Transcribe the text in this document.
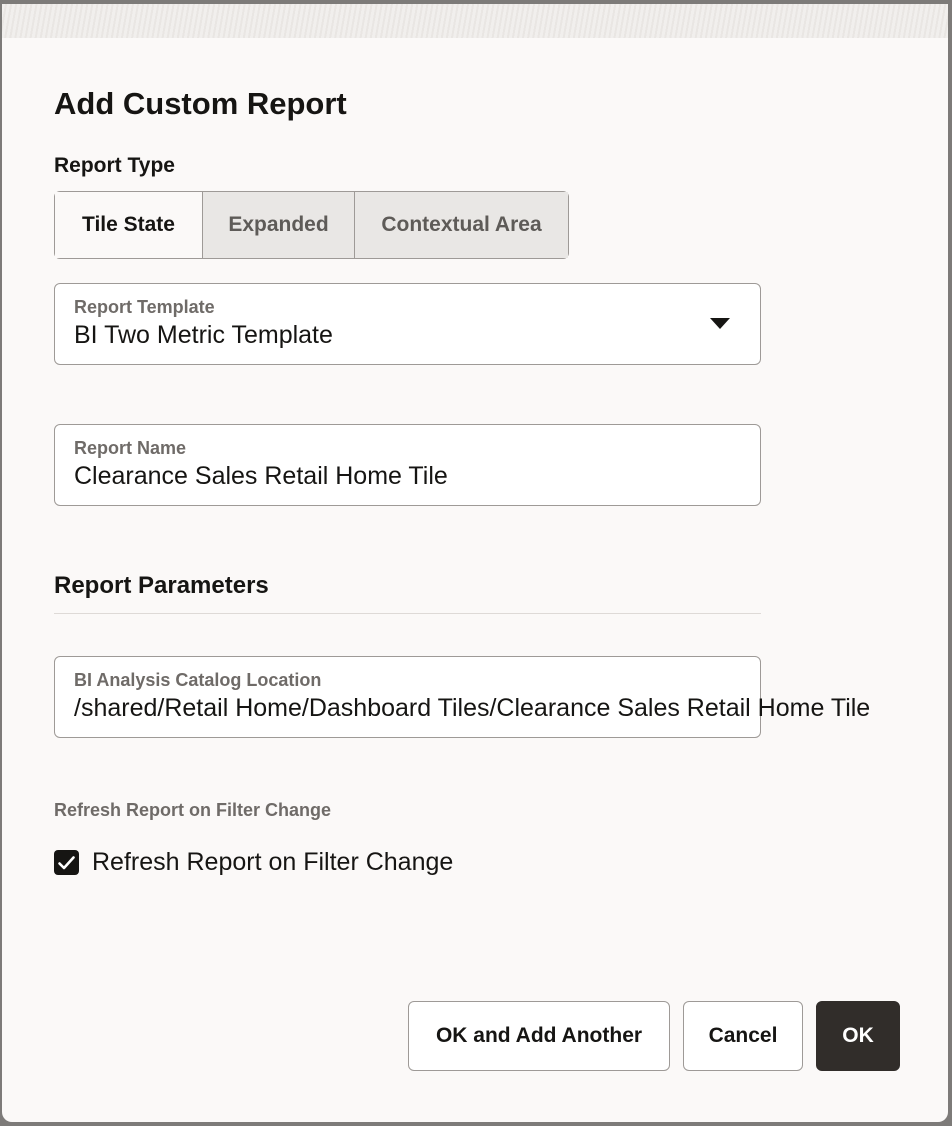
Add Custom Report
Report Type
Tile State	Expanded	Contextual Area
Report Template
BI Two Metric Template
Report Name
Clearance Sales Retail Home Tile
Report Parameters
BI Analysis Catalog Location
/shared/Retail Home/Dashboard Tiles/Clearance Sales Retail Home Tile
Refresh Report on Filter Change
Refresh Report on Filter Change
OK and Add Another	Cancel	OK
